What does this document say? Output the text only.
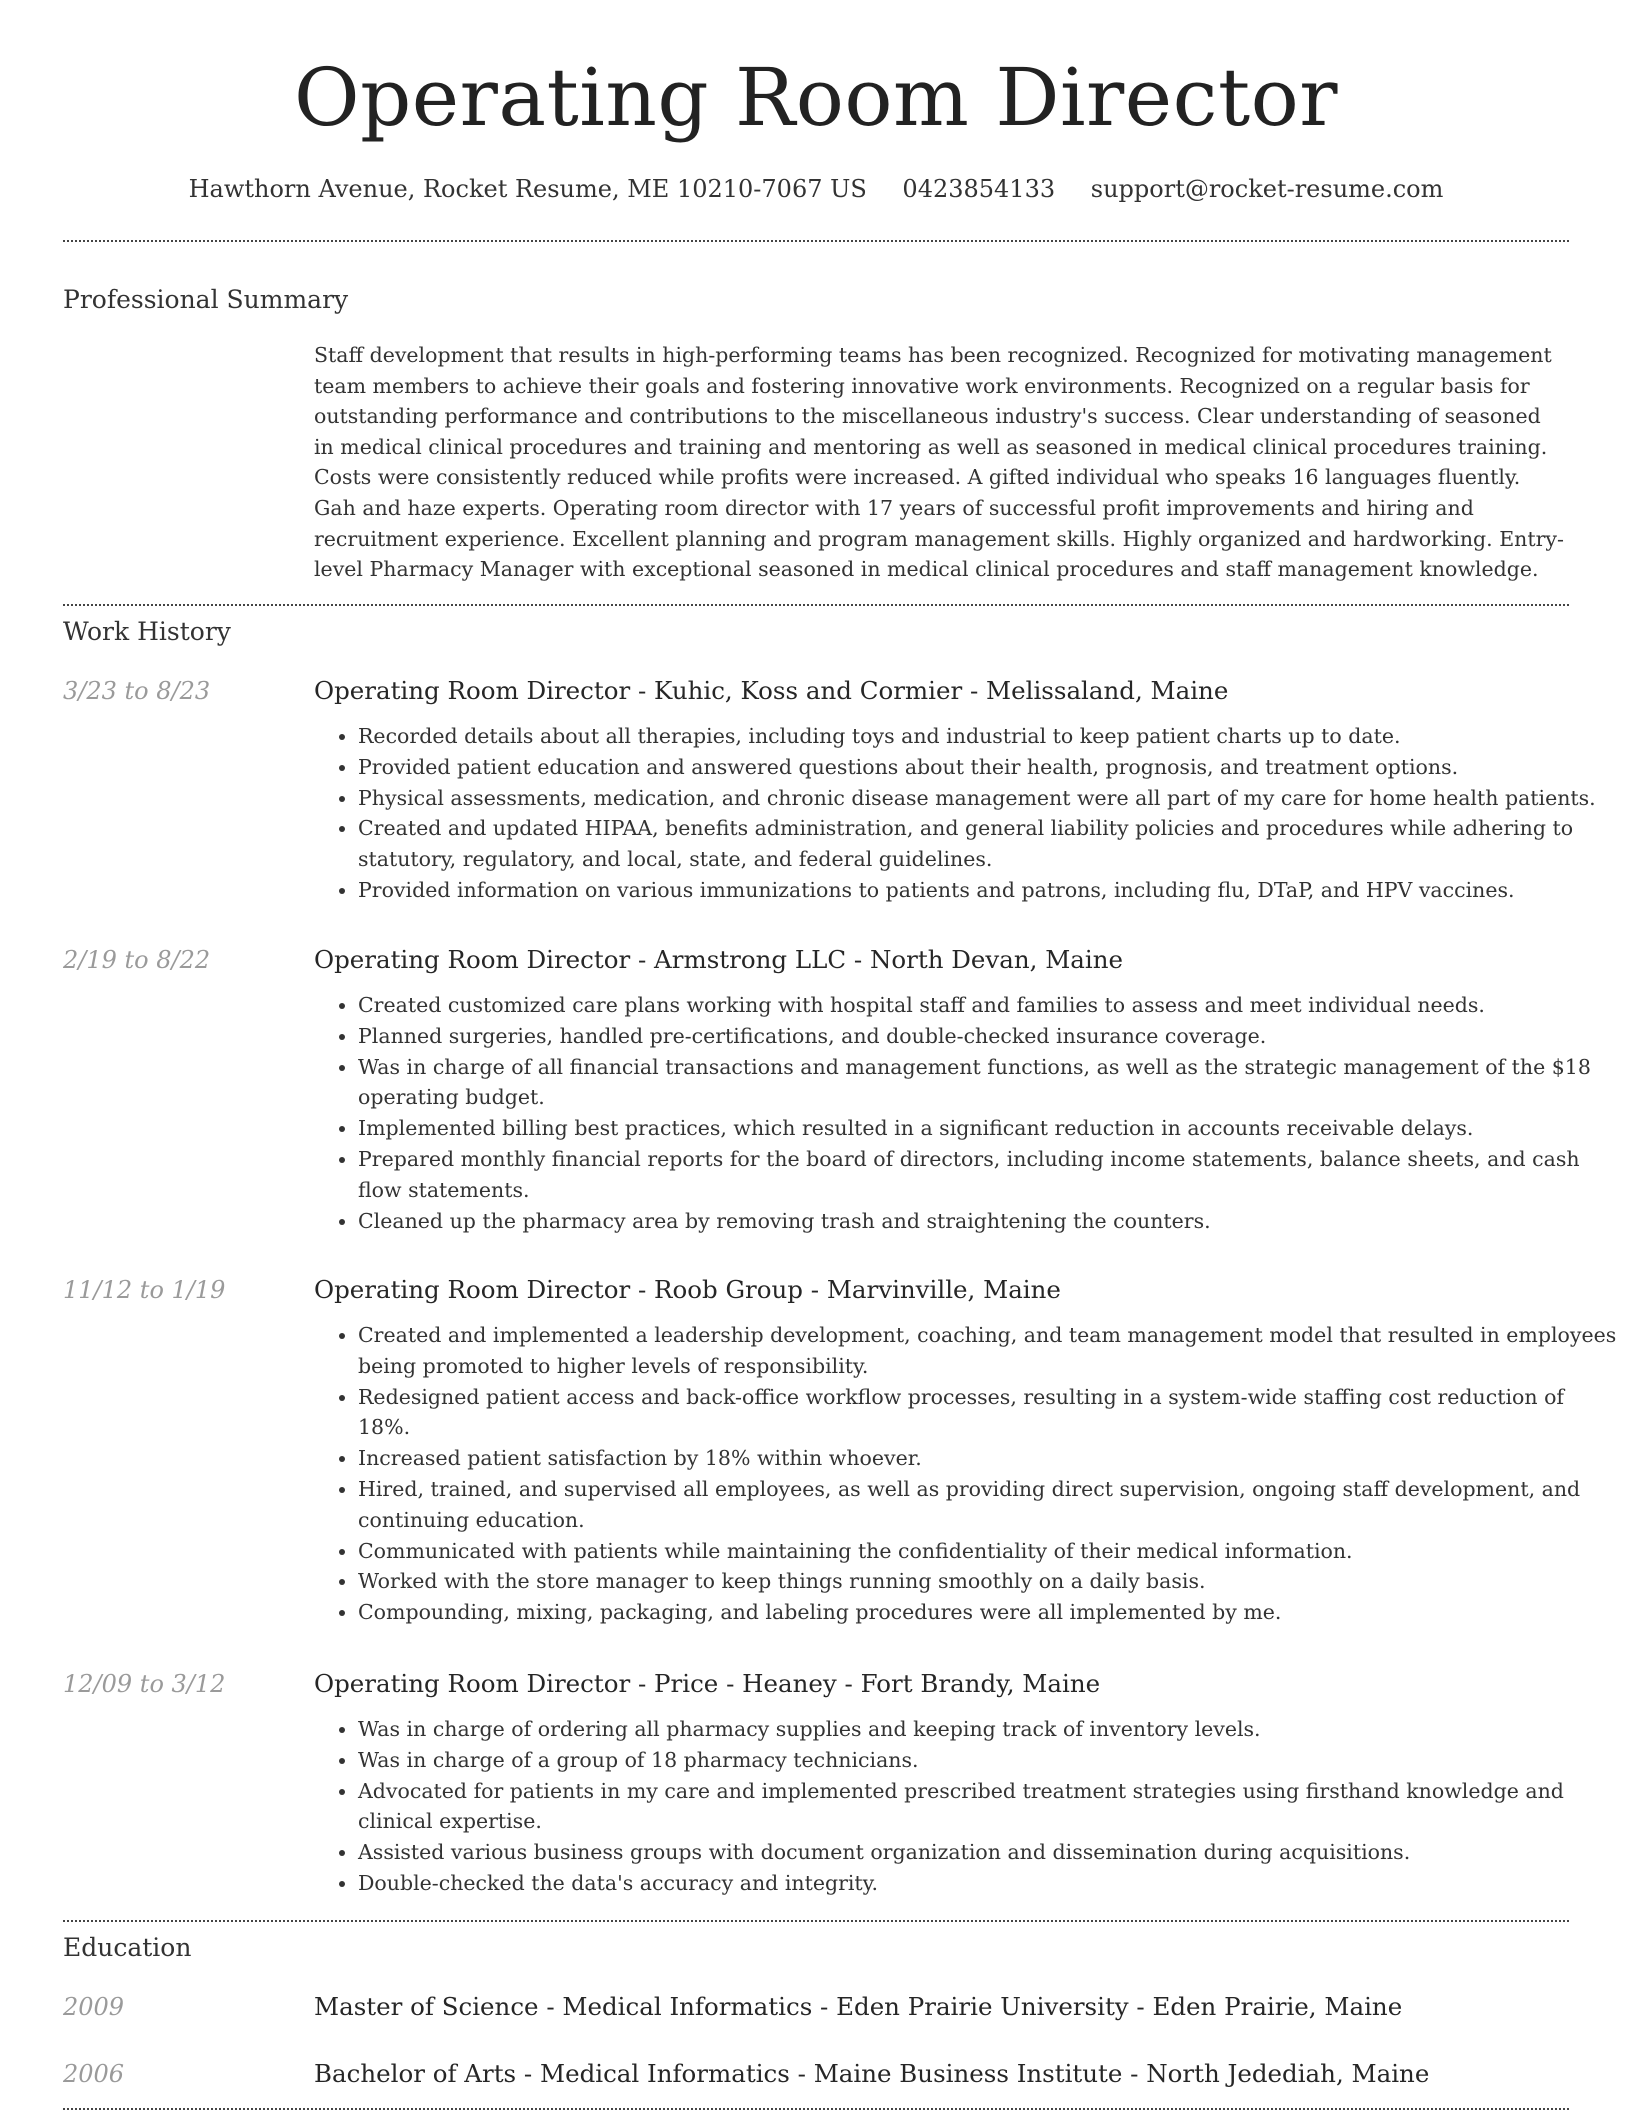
Operating Room Director
Hawthorn Avenue, Rocket Resume, ME 10210-7067 US 0423854133 support@rocket-resume.com
Professional Summary

Staff development that results in high-performing teams has been recognized. Recognized for motivating management team members to achieve their goals and fostering innovative work environments. Recognized on a regular basis for outstanding performance and contributions to the miscellaneous industry's success. Clear understanding of seasoned in medical clinical procedures and training and mentoring as well as seasoned in medical clinical procedures training. Costs were consistently reduced while profits were increased. A gifted individual who speaks 16 languages fluently. Gah and haze experts. Operating room director with 17 years of successful profit improvements and hiring and recruitment experience. Excellent planning and program management skills. Highly organized and hardworking. Entry-level Pharmacy Manager with exceptional seasoned in medical clinical procedures and staff management knowledge.

Work History
3/23 to 8/23	Operating Room Director - Kuhic, Koss and Cormier - Melissaland, Maine
• Recorded details about all therapies, including toys and industrial to keep patient charts up to date.
• Provided patient education and answered questions about their health, prognosis, and treatment options.
• Physical assessments, medication, and chronic disease management were all part of my care for home health patients.
• Created and updated HIPAA, benefits administration, and general liability policies and procedures while adhering to statutory, regulatory, and local, state, and federal guidelines.
• Provided information on various immunizations to patients and patrons, including flu, DTaP, and HPV vaccines.
2/19 to 8/22	Operating Room Director - Armstrong LLC - North Devan, Maine
• Created customized care plans working with hospital staff and families to assess and meet individual needs.
• Planned surgeries, handled pre-certifications, and double-checked insurance coverage.
• Was in charge of all financial transactions and management functions, as well as the strategic management of the $18 operating budget.
• Implemented billing best practices, which resulted in a significant reduction in accounts receivable delays.
• Prepared monthly financial reports for the board of directors, including income statements, balance sheets, and cash flow statements.
• Cleaned up the pharmacy area by removing trash and straightening the counters.
11/12 to 1/19	Operating Room Director - Roob Group - Marvinville, Maine
• Created and implemented a leadership development, coaching, and team management model that resulted in employees being promoted to higher levels of responsibility.
• Redesigned patient access and back-office workflow processes, resulting in a system-wide staffing cost reduction of 18%.
• Increased patient satisfaction by 18% within whoever.
• Hired, trained, and supervised all employees, as well as providing direct supervision, ongoing staff development, and continuing education.
• Communicated with patients while maintaining the confidentiality of their medical information.
• Worked with the store manager to keep things running smoothly on a daily basis.
• Compounding, mixing, packaging, and labeling procedures were all implemented by me.
12/09 to 3/12	Operating Room Director - Price - Heaney - Fort Brandy, Maine
• Was in charge of ordering all pharmacy supplies and keeping track of inventory levels.
• Was in charge of a group of 18 pharmacy technicians.
• Advocated for patients in my care and implemented prescribed treatment strategies using firsthand knowledge and clinical expertise.
• Assisted various business groups with document organization and dissemination during acquisitions.
• Double-checked the data's accuracy and integrity.
Education
2009	Master of Science - Medical Informatics - Eden Prairie University - Eden Prairie, Maine
2006	Bachelor of Arts - Medical Informatics - Maine Business Institute - North Jedediah, Maine
